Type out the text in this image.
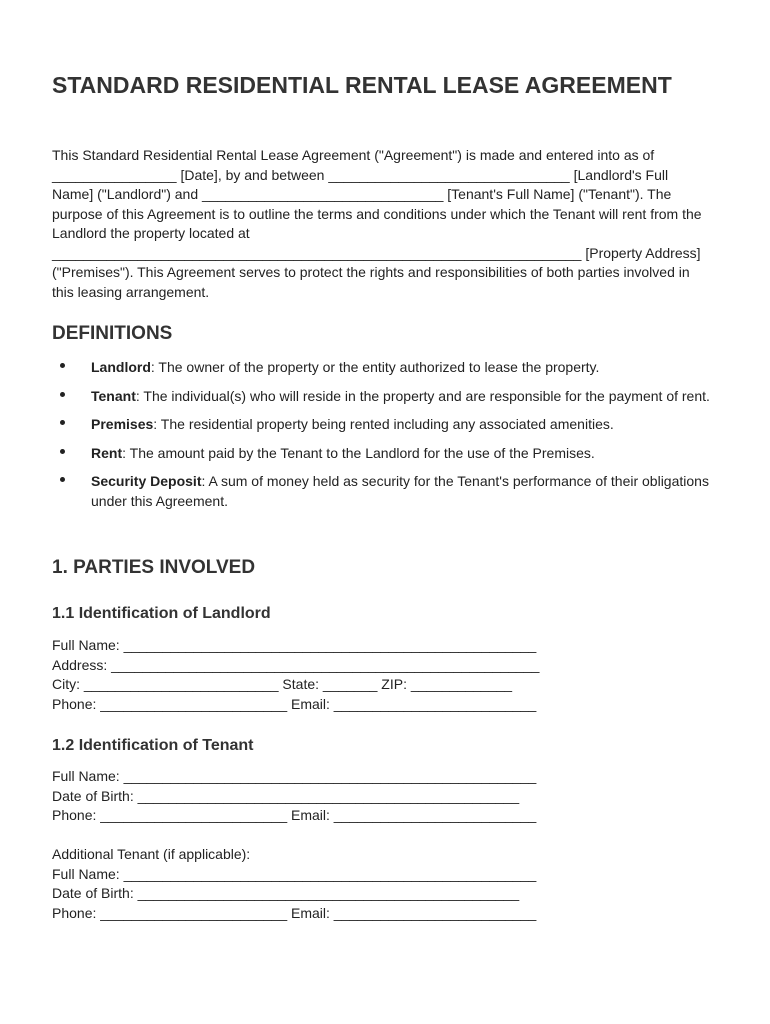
STANDARD RESIDENTIAL RENTAL LEASE AGREEMENT

This Standard Residential Rental Lease Agreement ("Agreement") is made and entered into as of ________________ [Date], by and between _______________________________ [Landlord's Full Name] ("Landlord") and _______________________________ [Tenant's Full Name] ("Tenant"). The purpose of this Agreement is to outline the terms and conditions under which the Tenant will rent from the Landlord the property located at ____________________________________________________________________ [Property Address] ("Premises"). This Agreement serves to protect the rights and responsibilities of both parties involved in this leasing arrangement.

DEFINITIONS
Landlord: The owner of the property or the entity authorized to lease the property.
Tenant: The individual(s) who will reside in the property and are responsible for the payment of rent.
Premises: The residential property being rented including any associated amenities.
Rent: The amount paid by the Tenant to the Landlord for the use of the Premises.
Security Deposit: A sum of money held as security for the Tenant's performance of their obligations under this Agreement.
1. PARTIES INVOLVED
1.1 Identification of Landlord
Full Name: _____________________________________________________
Address: _______________________________________________________
City: _________________________ State: _______ ZIP: _____________
Phone: ________________________ Email: __________________________
1.2 Identification of Tenant
Full Name: _____________________________________________________
Date of Birth: _________________________________________________
Phone: ________________________ Email: __________________________
Additional Tenant (if applicable):
Full Name: _____________________________________________________
Date of Birth: _________________________________________________
Phone: ________________________ Email: __________________________
